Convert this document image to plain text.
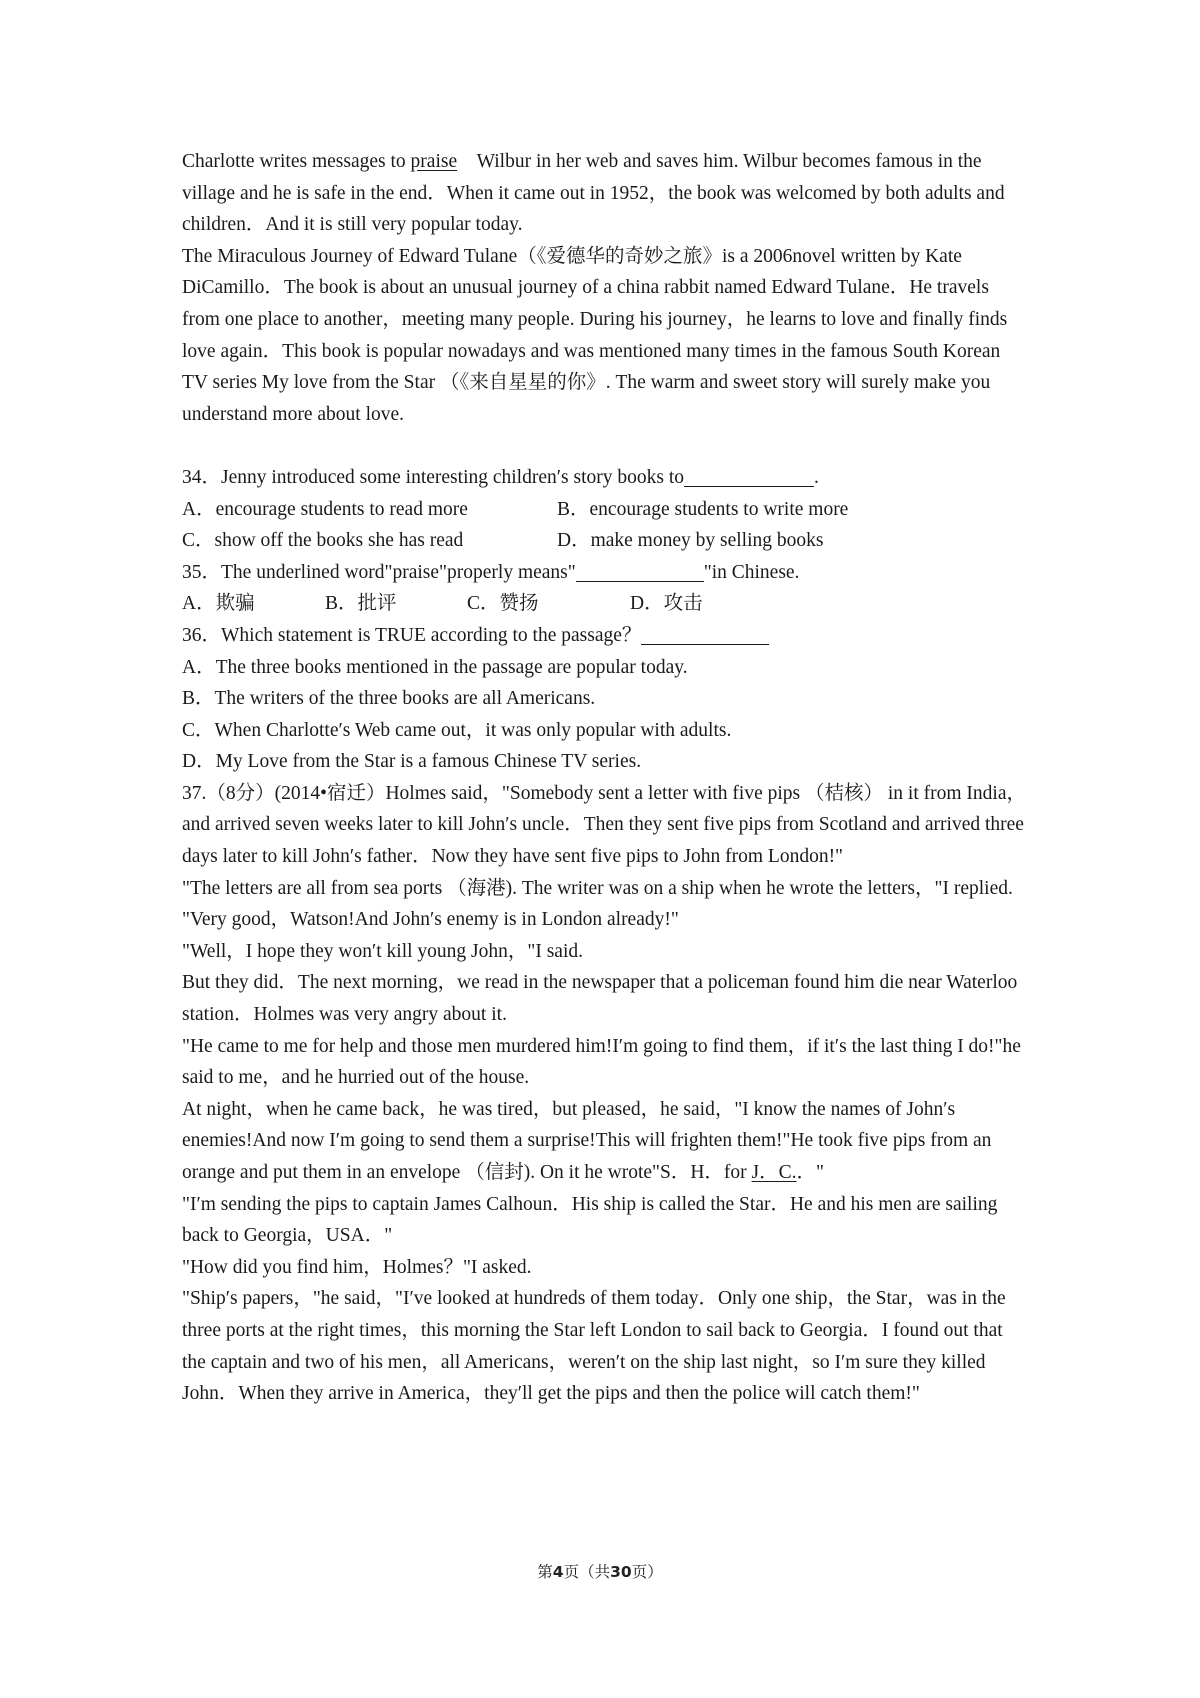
Charlotte writes messages to praise　Wilbur in her web and saves him. Wilbur becomes famous in the village and he is safe in the end．When it came out in 1952，the book was welcomed by both adults and children．And it is still very popular today.

The Miraculous Journey of Edward Tulane（《爱德华的奇妙之旅》is a 2006novel written by Kate DiCamillo．The book is about an unusual journey of a china rabbit named Edward Tulane．He travels from one place to another，meeting many people. During his journey，he learns to love and finally finds love again．This book is popular nowadays and was mentioned many times in the famous South Korean TV series My love from the Star （《来自星星的你》. The warm and sweet story will surely make you understand more about love.

34．Jenny introduced some interesting children′s story books to	.

A．encourage students to read more	B．encourage students to write more
C．show off the books she has read	D．make money by selling books

35．The underlined word"praise"properly means"	"in Chinese.

A．欺骗	B．批评	C．赞扬	D．攻击

36．Which statement is TRUE according to the passage？

A．The three books mentioned in the passage are popular today.

B．The writers of the three books are all Americans.

C．When Charlotte′s Web came out，it was only popular with adults.

D．My Love from the Star is a famous Chinese TV series.

37.（8分）(2014•宿迁）Holmes said，"Somebody sent a letter with five pips （桔核） in it from India，and arrived seven weeks later to kill John′s uncle．Then they sent five pips from Scotland and arrived three days later to kill John′s father．Now they have sent five pips to John from London!"

"The letters are all from sea ports （海港). The writer was on a ship when he wrote the letters，"I replied.

"Very good，Watson!And John′s enemy is in London already!"

"Well，I hope they won′t kill young John，"I said.

But they did．The next morning，we read in the newspaper that a policeman found him die near Waterloo station．Holmes was very angry about it.

"He came to me for help and those men murdered him!I′m going to find them，if it′s the last thing I do!"he said to me，and he hurried out of the house.

At night，when he came back，he was tired，but pleased，he said，"I know the names of John′s enemies!And now I′m going to send them a surprise!This will frighten them!"He took five pips from an orange and put them in an envelope （信封). On it he wrote"S．H．for J．C.．"

"I′m sending the pips to captain James Calhoun．His ship is called the Star．He and his men are sailing back to Georgia，USA．"

"How did you find him，Holmes？"I asked.

"Ship′s papers，"he said，"I′ve looked at hundreds of them today．Only one ship，the Star，was in the three ports at the right times，this morning the Star left London to sail back to Georgia．I found out that the captain and two of his men，all Americans，weren′t on the ship last night，so I′m sure they killed John．When they arrive in America，they′ll get the pips and then the police will catch them!"

第4页（共30页）
